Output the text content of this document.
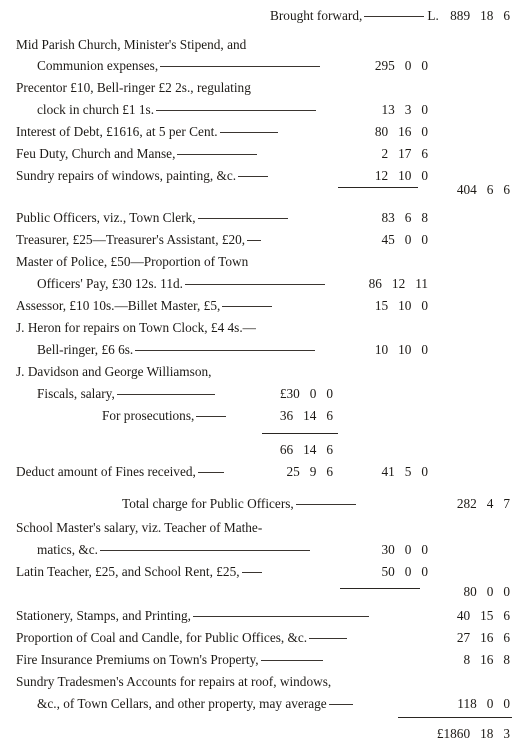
Brought forward,	L. 889   18   6
Mid Parish Church, Minister's Stipend, and
Communion expenses,	295   0   0
Precentor £10, Bell-ringer £2 2s., regulating
clock in church £1 1s.	13   3   0
Interest of Debt, £1616, at 5 per Cent.	80   16   0
Feu Duty, Church and Manse,	2   17   6
Sundry repairs of windows, painting, &c.	12   10   0
404   6   6
Public Officers, viz., Town Clerk,	83   6   8
Treasurer, £25—Treasurer's Assistant, £20,	45   0   0
Master of Police, £50—Proportion of Town
Officers' Pay, £30 12s. 11d.	86   12   11
Assessor, £10 10s.—Billet Master, £5,	15   10   0
J. Heron for repairs on Town Clock, £4 4s.—
Bell-ringer, £6 6s.	10   10   0
J. Davidson and George Williamson,
Fiscals, salary,	£30   0   0
For prosecutions,	36   14   6
66   14   6
Deduct amount of Fines received,	25   9   6	41   5   0
Total charge for Public Officers,	282   4   7
School Master's salary, viz. Teacher of Mathe-
matics, &c.	30   0   0
Latin Teacher, £25, and School Rent, £25,	50   0   0
80   0   0
Stationery, Stamps, and Printing,	40   15   6
Proportion of Coal and Candle, for Public Offices, &c.	27   16   6
Fire Insurance Premiums on Town's Property,	8   16   8
Sundry Tradesmen's Accounts for repairs at roof, windows,
&c., of Town Cellars, and other property, may average	118   0   0
£1860   18   3
